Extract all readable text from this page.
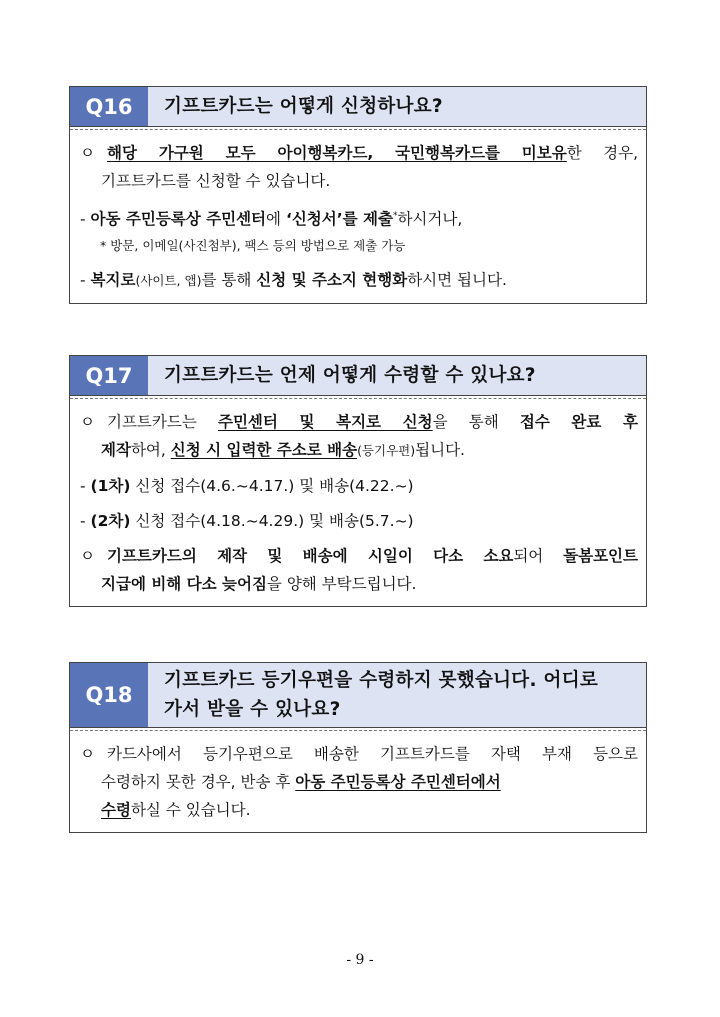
Q16	기프트카드는 어떻게 신청하나요?
ㅇ 해당 가구원 모두 아이행복카드, 국민행복카드를 미보유한 경우,
기프트카드를 신청할 수 있습니다.
- 아동 주민등록상 주민센터에 ‘신청서’를 제출*하시거나,
* 방문, 이메일(사진첨부), 팩스 등의 방법으로 제출 가능
- 복지로(사이트, 앱)를 통해 신청 및 주소지 현행화하시면 됩니다.
Q17	기프트카드는 언제 어떻게 수령할 수 있나요?
ㅇ 기프트카드는 주민센터 및 복지로 신청을 통해 접수 완료 후
제작하여, 신청 시 입력한 주소로 배송(등기우편)됩니다.
- (1차) 신청 접수(4.6.~4.17.) 및 배송(4.22.~)
- (2차) 신청 접수(4.18.~4.29.) 및 배송(5.7.~)
ㅇ 기프트카드의 제작 및 배송에 시일이 다소 소요되어 돌봄포인트
지급에 비해 다소 늦어짐을 양해 부탁드립니다.
Q18
기프트카드 등기우편을 수령하지 못했습니다. 어디로
가서 받을 수 있나요?
ㅇ 카드사에서 등기우편으로 배송한 기프트카드를 자택 부재 등으로
수령하지 못한 경우, 반송 후 아동 주민등록상 주민센터에서
수령하실 수 있습니다.
- 9 -
